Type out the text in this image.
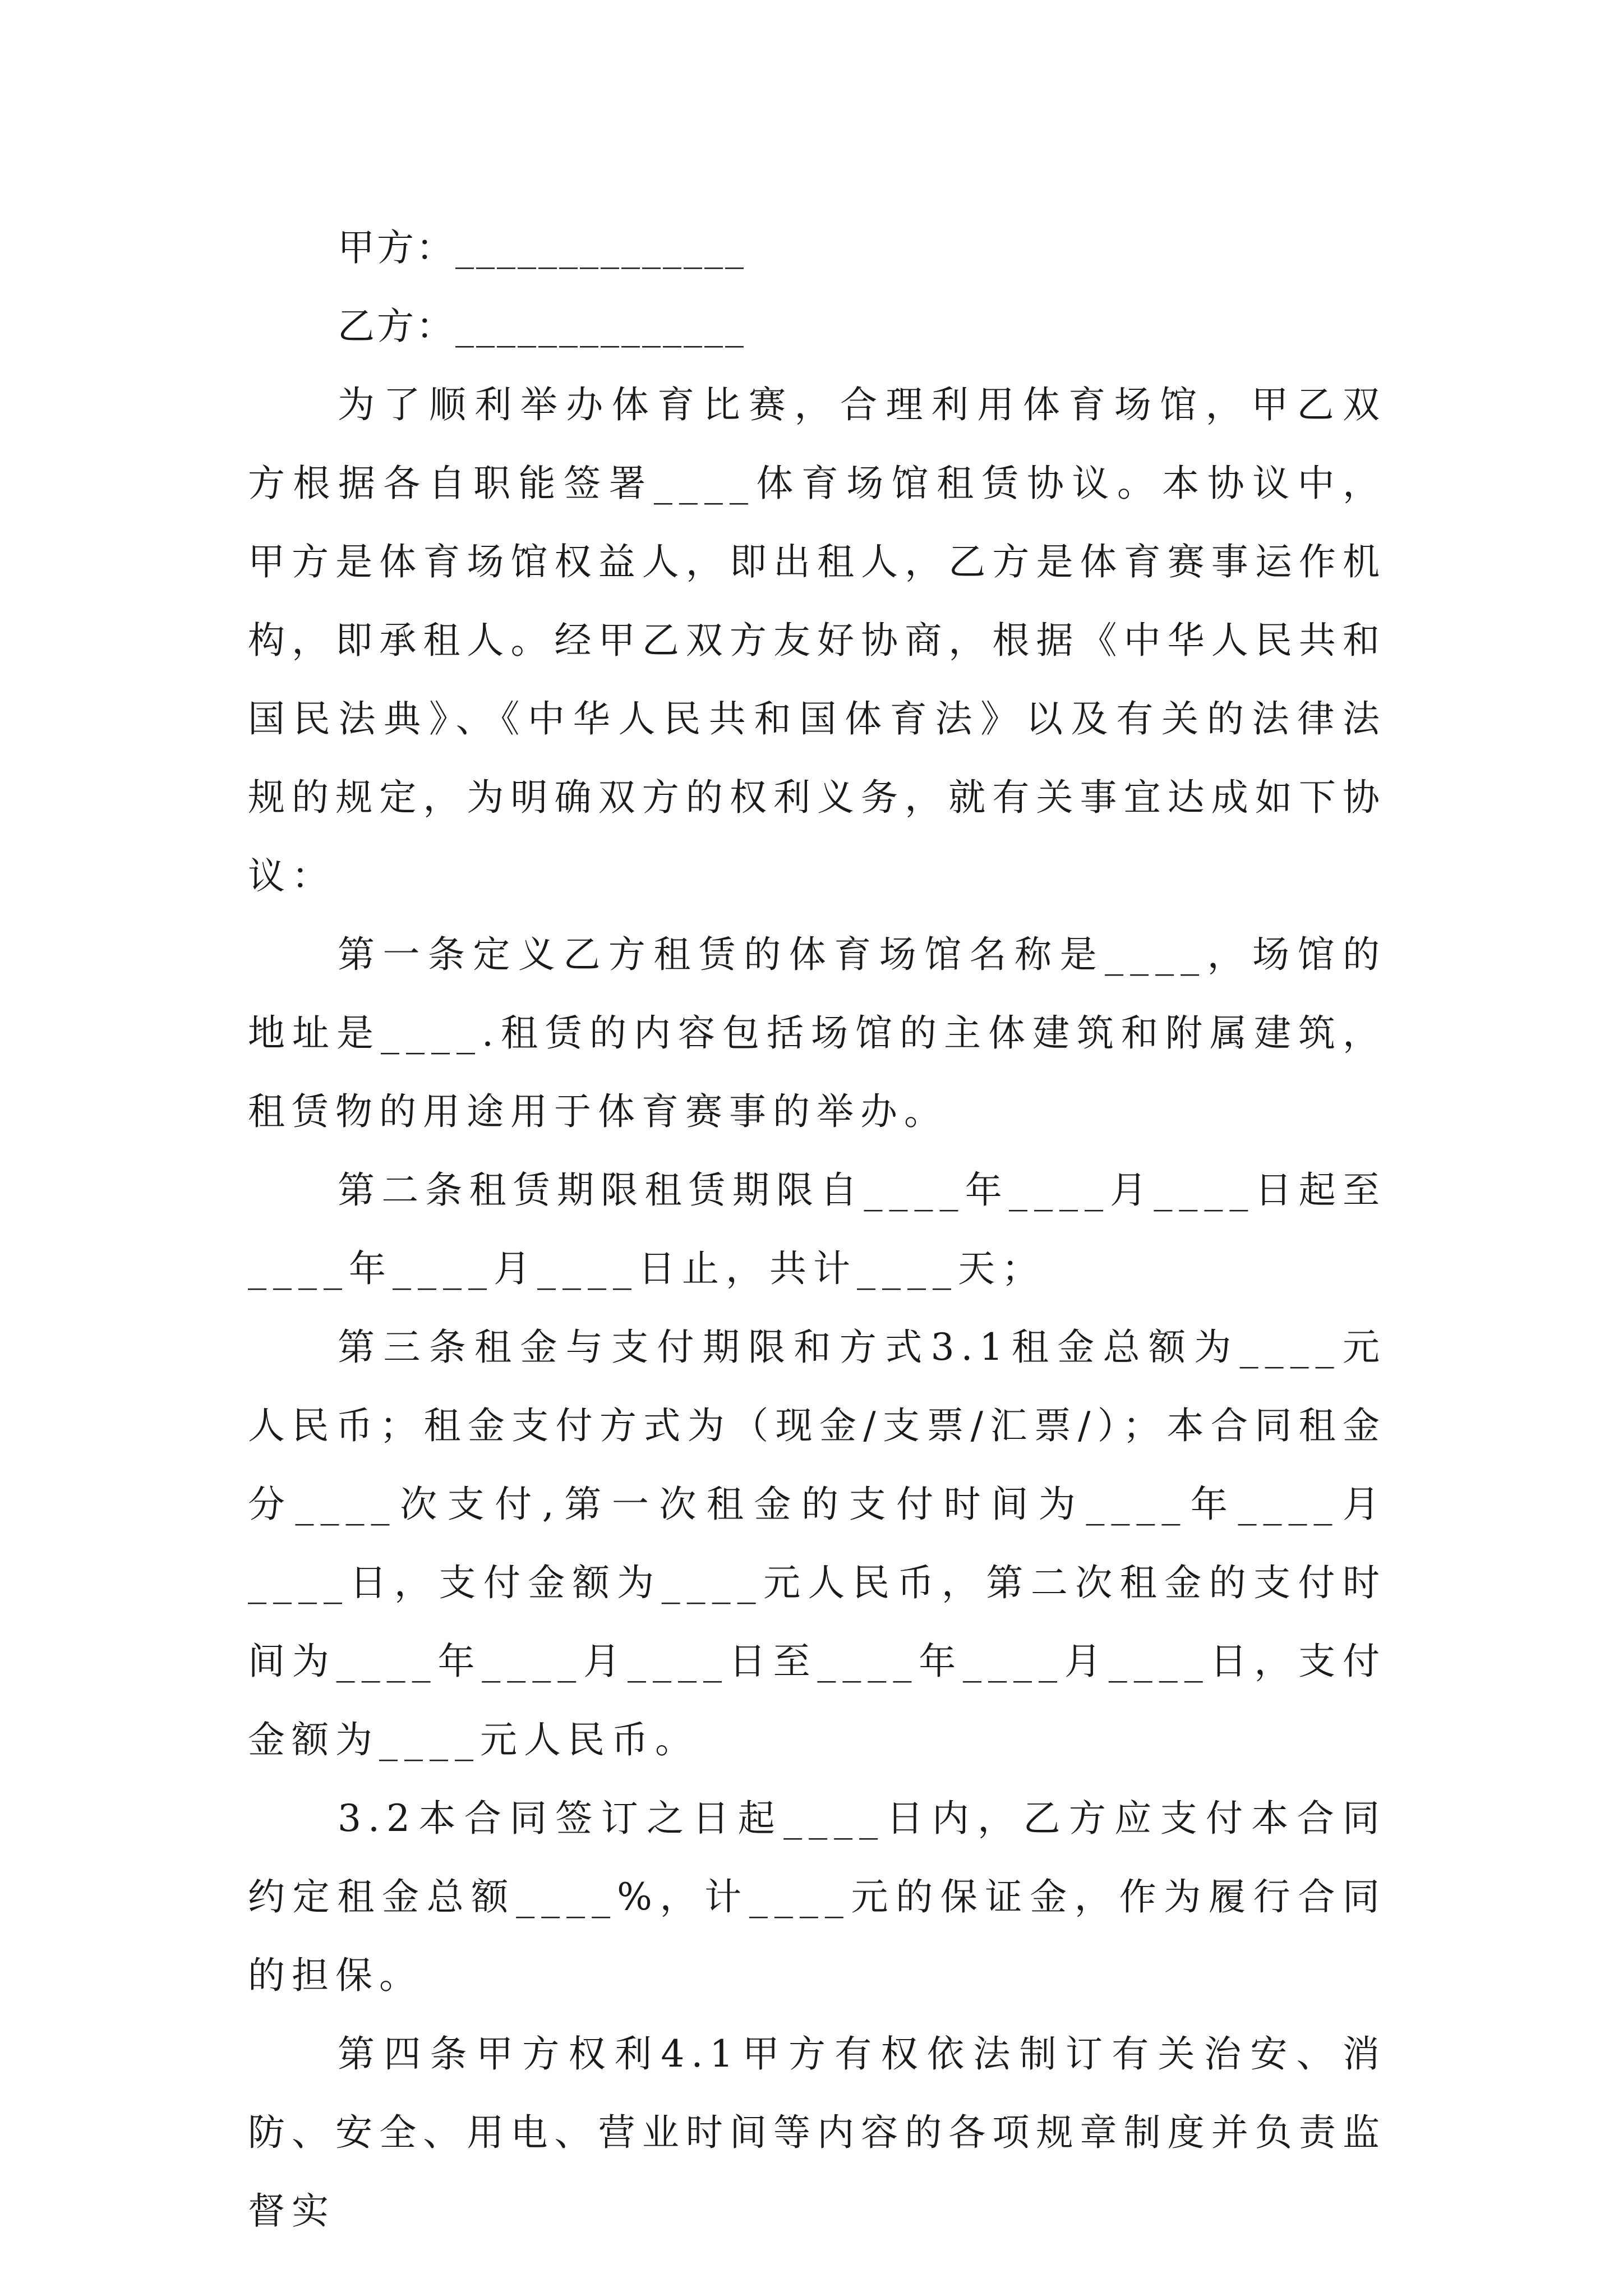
甲方：______________
乙方：______________

为了顺利举办体育比赛，合理利用体育场馆，甲乙双方根据各自职能签署____体育场馆租赁协议。本协议中，甲方是体育场馆权益人，即出租人，乙方是体育赛事运作机构，即承租人。经甲乙双方友好协商，根据《中华人民共和国民法典》、《中华人民共和国体育法》以及有关的法律法规的规定，为明确双方的权利义务，就有关事宜达成如下协议：

第一条定义乙方租赁的体育场馆名称是____，场馆的地址是____.租赁的内容包括场馆的主体建筑和附属建筑，租赁物的用途用于体育赛事的举办。

第二条租赁期限租赁期限自____年____月____日起至____年____月____日止，共计____天；

第三条租金与支付期限和方式3.1租金总额为____元人民币；租金支付方式为（现金/支票/汇票/）；本合同租金分____次支付,第一次租金的支付时间为____年____月____日，支付金额为____元人民币，第二次租金的支付时间为____年____月____日至____年____月____日，支付金额为____元人民币。

3.2本合同签订之日起____日内，乙方应支付本合同约定租金总额____%，计____元的保证金，作为履行合同的担保。

第四条甲方权利4.1甲方有权依法制订有关治安、消防、安全、用电、营业时间等内容的各项规章制度并负责监督实
